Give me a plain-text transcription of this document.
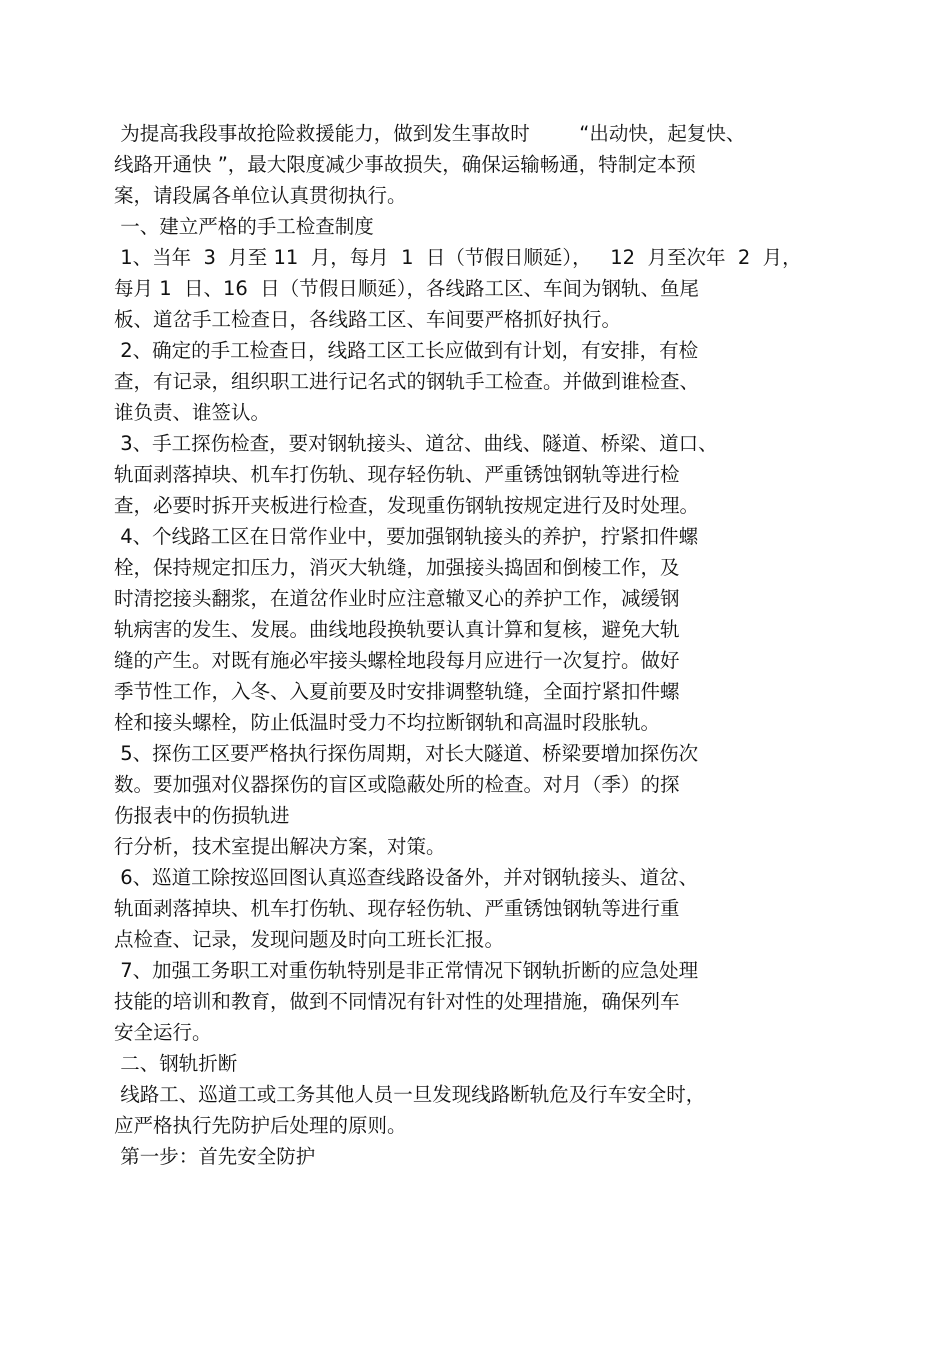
为提高我段事故抢险救援能力，做到发生事故时        “出动快，起复快、
线路开通快 ”，最大限度减少事故损失，确保运输畅通，特制定本预
案，请段属各单位认真贯彻执行。
一、建立严格的手工检查制度
1、当年  3  月至 11  月，每月  1  日（节假日顺延），   12  月至次年  2  月，
每月 1  日、16  日（节假日顺延），各线路工区、车间为钢轨、鱼尾
板、道岔手工检查日，各线路工区、车间要严格抓好执行。
2、确定的手工检查日，线路工区工长应做到有计划，有安排，有检
查，有记录，组织职工进行记名式的钢轨手工检查。并做到谁检查、
谁负责、谁签认。
3、手工探伤检查，要对钢轨接头、道岔、曲线、隧道、桥梁、道口、
轨面剥落掉块、机车打伤轨、现存轻伤轨、严重锈蚀钢轨等进行检
查，必要时拆开夹板进行检查，发现重伤钢轨按规定进行及时处理。
4、个线路工区在日常作业中，要加强钢轨接头的养护，拧紧扣件螺
栓，保持规定扣压力，消灭大轨缝，加强接头捣固和倒棱工作，及
时清挖接头翻浆，在道岔作业时应注意辙叉心的养护工作，减缓钢
轨病害的发生、发展。曲线地段换轨要认真计算和复核，避免大轨
缝的产生。对既有施必牢接头螺栓地段每月应进行一次复拧。做好
季节性工作，入冬、入夏前要及时安排调整轨缝，全面拧紧扣件螺
栓和接头螺栓，防止低温时受力不均拉断钢轨和高温时段胀轨。
5、探伤工区要严格执行探伤周期，对长大隧道、桥梁要增加探伤次
数。要加强对仪器探伤的盲区或隐蔽处所的检查。对月（季）的探
伤报表中的伤损轨进
行分析，技术室提出解决方案，对策。
6、巡道工除按巡回图认真巡查线路设备外，并对钢轨接头、道岔、
轨面剥落掉块、机车打伤轨、现存轻伤轨、严重锈蚀钢轨等进行重
点检查、记录，发现问题及时向工班长汇报。
7、加强工务职工对重伤轨特别是非正常情况下钢轨折断的应急处理
技能的培训和教育，做到不同情况有针对性的处理措施，确保列车
安全运行。
二、钢轨折断
线路工、巡道工或工务其他人员一旦发现线路断轨危及行车安全时，
应严格执行先防护后处理的原则。
第一步：首先安全防护
